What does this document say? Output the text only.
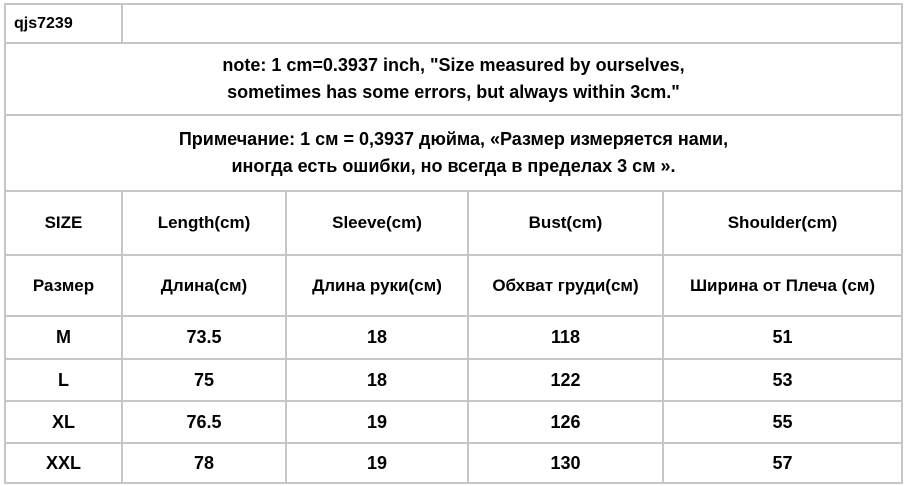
qjs7239
note: 1 cm=0.3937 inch, "Size measured by ourselves,
sometimes has some errors, but always within 3cm."
Примечание: 1 см = 0,3937 дюйма, «Размер измеряется нами,
иногда есть ошибки, но всегда в пределах 3 см ».
SIZE	Length(cm)	Sleeve(cm)	Bust(cm)	Shoulder(cm)
Размер	Длина(см)	Длина руки(см)	Обхват груди(см)	Ширина от Плеча (см)
M	73.5	18	118	51
L	75	18	122	53
XL	76.5	19	126	55
XXL	78	19	130	57
